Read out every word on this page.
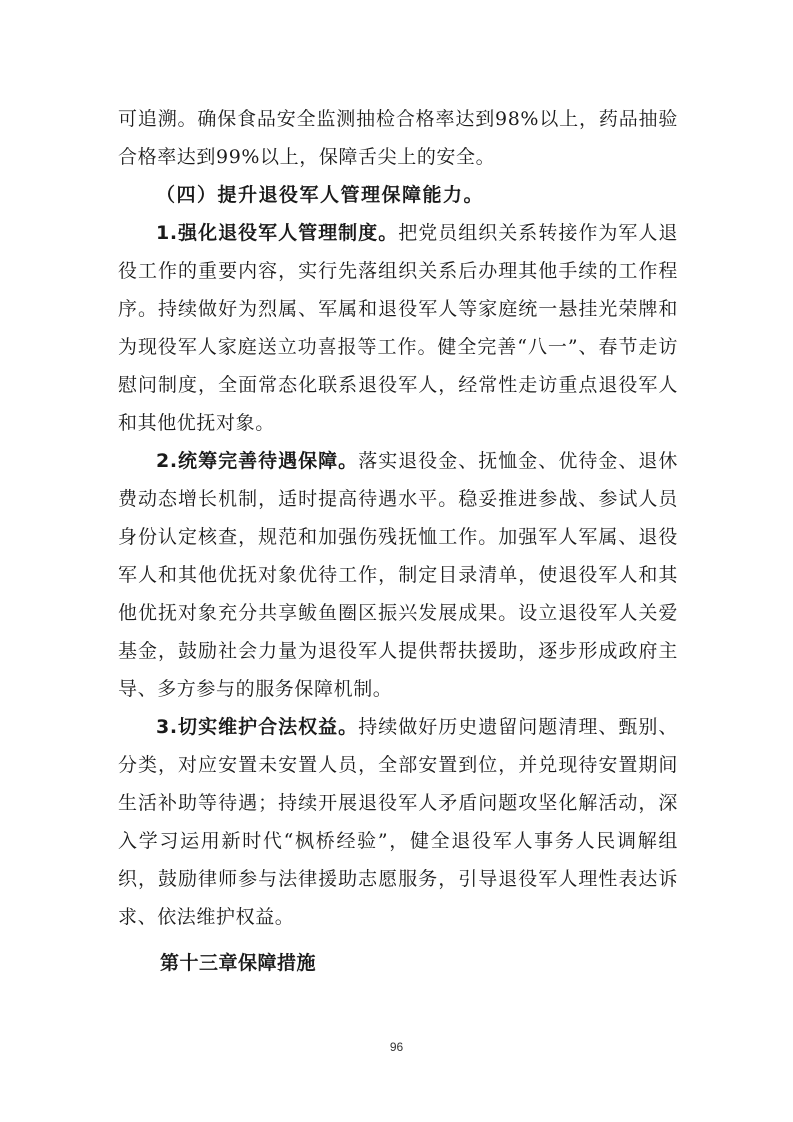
可追溯。确保食品安全监测抽检合格率达到98%以上，药品抽验合格率达到99%以上，保障舌尖上的安全。

（四）提升退役军人管理保障能力。

1.强化退役军人管理制度。把党员组织关系转接作为军人退役工作的重要内容，实行先落组织关系后办理其他手续的工作程序。持续做好为烈属、军属和退役军人等家庭统一悬挂光荣牌和为现役军人家庭送立功喜报等工作。健全完善“八一”、春节走访慰问制度，全面常态化联系退役军人，经常性走访重点退役军人和其他优抚对象。

2.统筹完善待遇保障。落实退役金、抚恤金、优待金、退休费动态增长机制，适时提高待遇水平。稳妥推进参战、参试人员身份认定核查，规范和加强伤残抚恤工作。加强军人军属、退役军人和其他优抚对象优待工作，制定目录清单，使退役军人和其他优抚对象充分共享鲅鱼圈区振兴发展成果。设立退役军人关爱基金，鼓励社会力量为退役军人提供帮扶援助，逐步形成政府主导、多方参与的服务保障机制。

3.切实维护合法权益。持续做好历史遗留问题清理、甄别、分类，对应安置未安置人员，全部安置到位，并兑现待安置期间生活补助等待遇；持续开展退役军人矛盾问题攻坚化解活动，深入学习运用新时代“枫桥经验”，健全退役军人事务人民调解组织，鼓励律师参与法律援助志愿服务，引导退役军人理性表达诉求、依法维护权益。

第十三章保障措施
96
